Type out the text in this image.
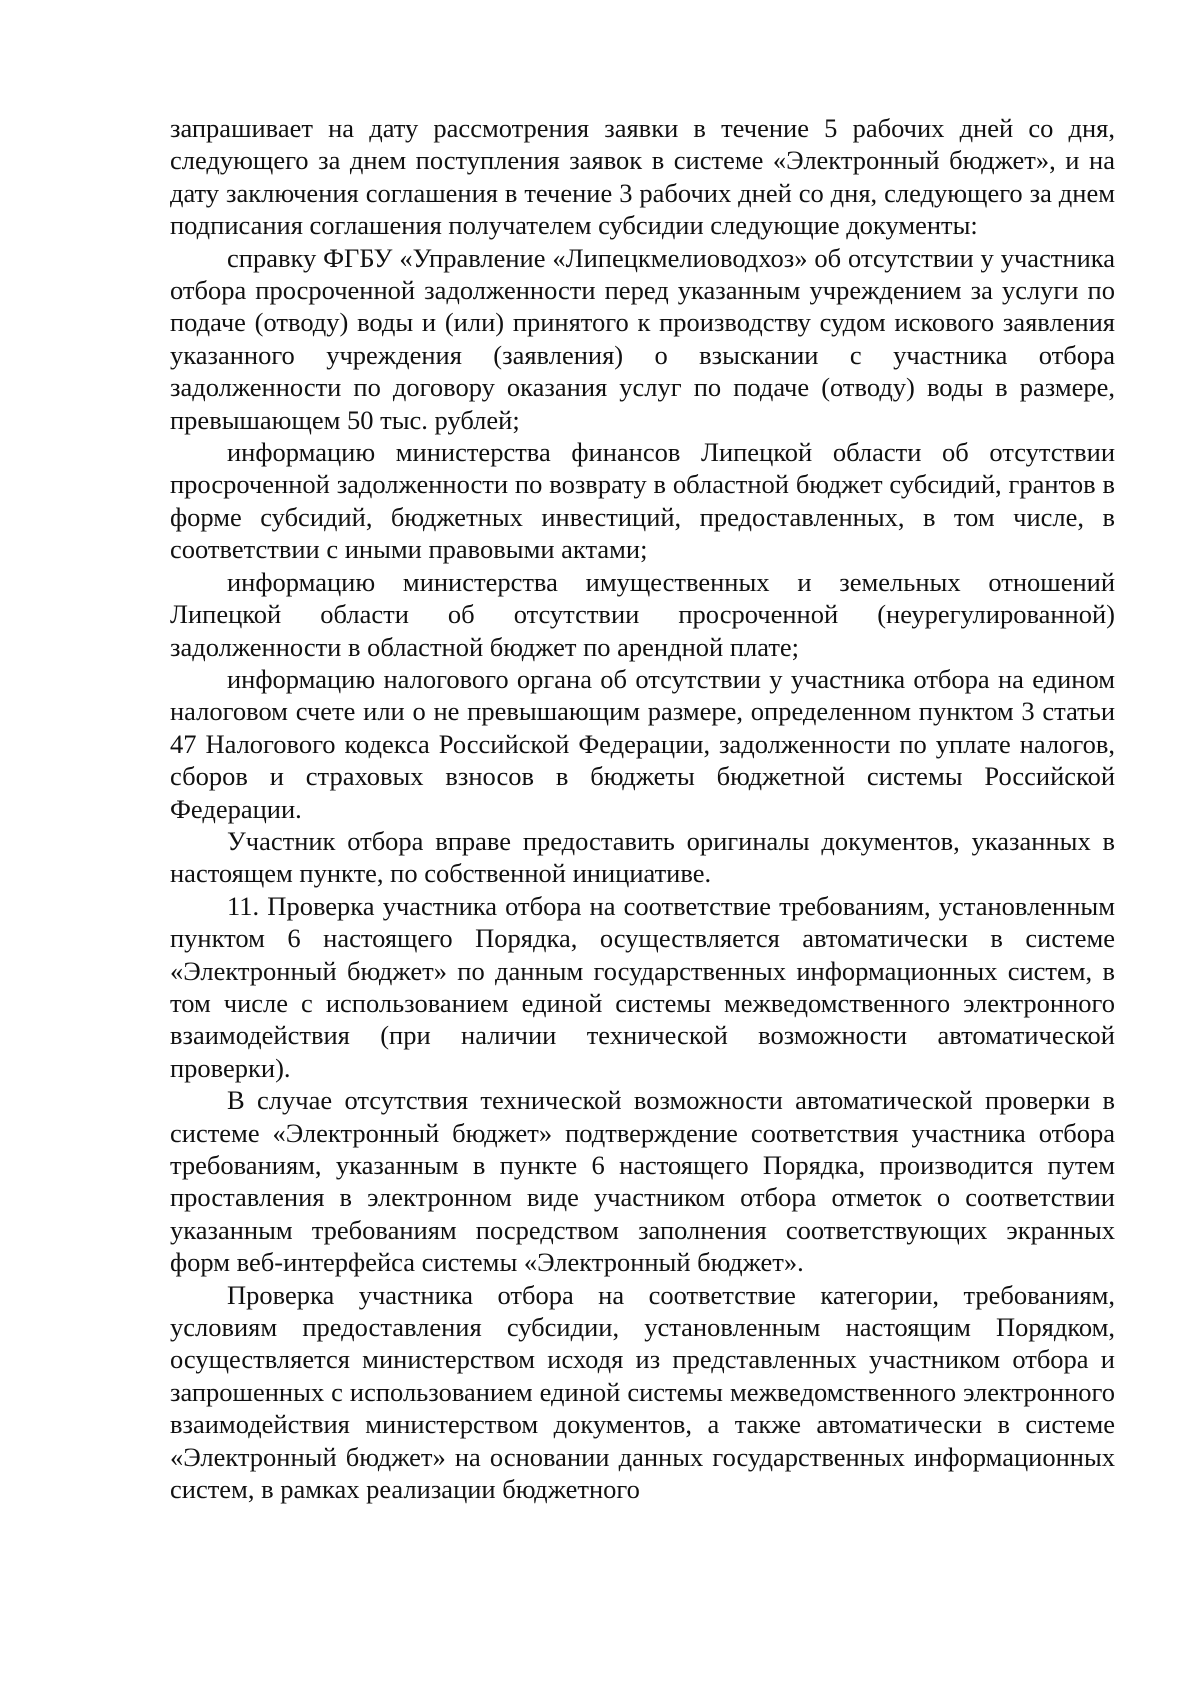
запрашивает на дату рассмотрения заявки в течение 5 рабочих дней со дня, следующего за днем поступления заявок в системе «Электронный бюджет», и на дату заключения соглашения в течение 3 рабочих дней со дня, следующего за днем подписания соглашения получателем субсидии следующие документы:

справку ФГБУ «Управление «Липецкмелиоводхоз» об отсутствии у участника отбора просроченной задолженности перед указанным учреждением за услуги по подаче (отводу) воды и (или) принятого к производству судом искового заявления указанного учреждения (заявления) о взыскании с участника отбора задолженности по договору оказания услуг по подаче (отводу) воды в размере, превышающем 50 тыс. рублей;

информацию министерства финансов Липецкой области об отсутствии просроченной задолженности по возврату в областной бюджет субсидий, грантов в форме субсидий, бюджетных инвестиций, предоставленных, в том числе, в соответствии с иными правовыми актами;

информацию министерства имущественных и земельных отношений Липецкой области об отсутствии просроченной (неурегулированной) задолженности в областной бюджет по арендной плате;

информацию налогового органа об отсутствии у участника отбора на едином налоговом счете или о не превышающим размере, определенном пунктом 3 статьи 47 Налогового кодекса Российской Федерации, задолженности по уплате налогов, сборов и страховых взносов в бюджеты бюджетной системы Российской Федерации.

Участник отбора вправе предоставить оригиналы документов, указанных в настоящем пункте, по собственной инициативе.

11. Проверка участника отбора на соответствие требованиям, установленным пунктом 6 настоящего Порядка, осуществляется автоматически в системе «Электронный бюджет» по данным государственных информационных систем, в том числе с использованием единой системы межведомственного электронного взаимодействия (при наличии технической возможности автоматической проверки).

В случае отсутствия технической возможности автоматической проверки в системе «Электронный бюджет» подтверждение соответствия участника отбора требованиям, указанным в пункте 6 настоящего Порядка, производится путем проставления в электронном виде участником отбора отметок о соответствии указанным требованиям посредством заполнения соответствующих экранных форм веб-интерфейса системы «Электронный бюджет».

Проверка участника отбора на соответствие категории, требованиям, условиям предоставления субсидии, установленным настоящим Порядком, осуществляется министерством исходя из представленных участником отбора и запрошенных с использованием единой системы межведомственного электронного взаимодействия министерством документов, а также автоматически в системе «Электронный бюджет» на основании данных государственных информационных систем, в рамках реализации бюджетного
